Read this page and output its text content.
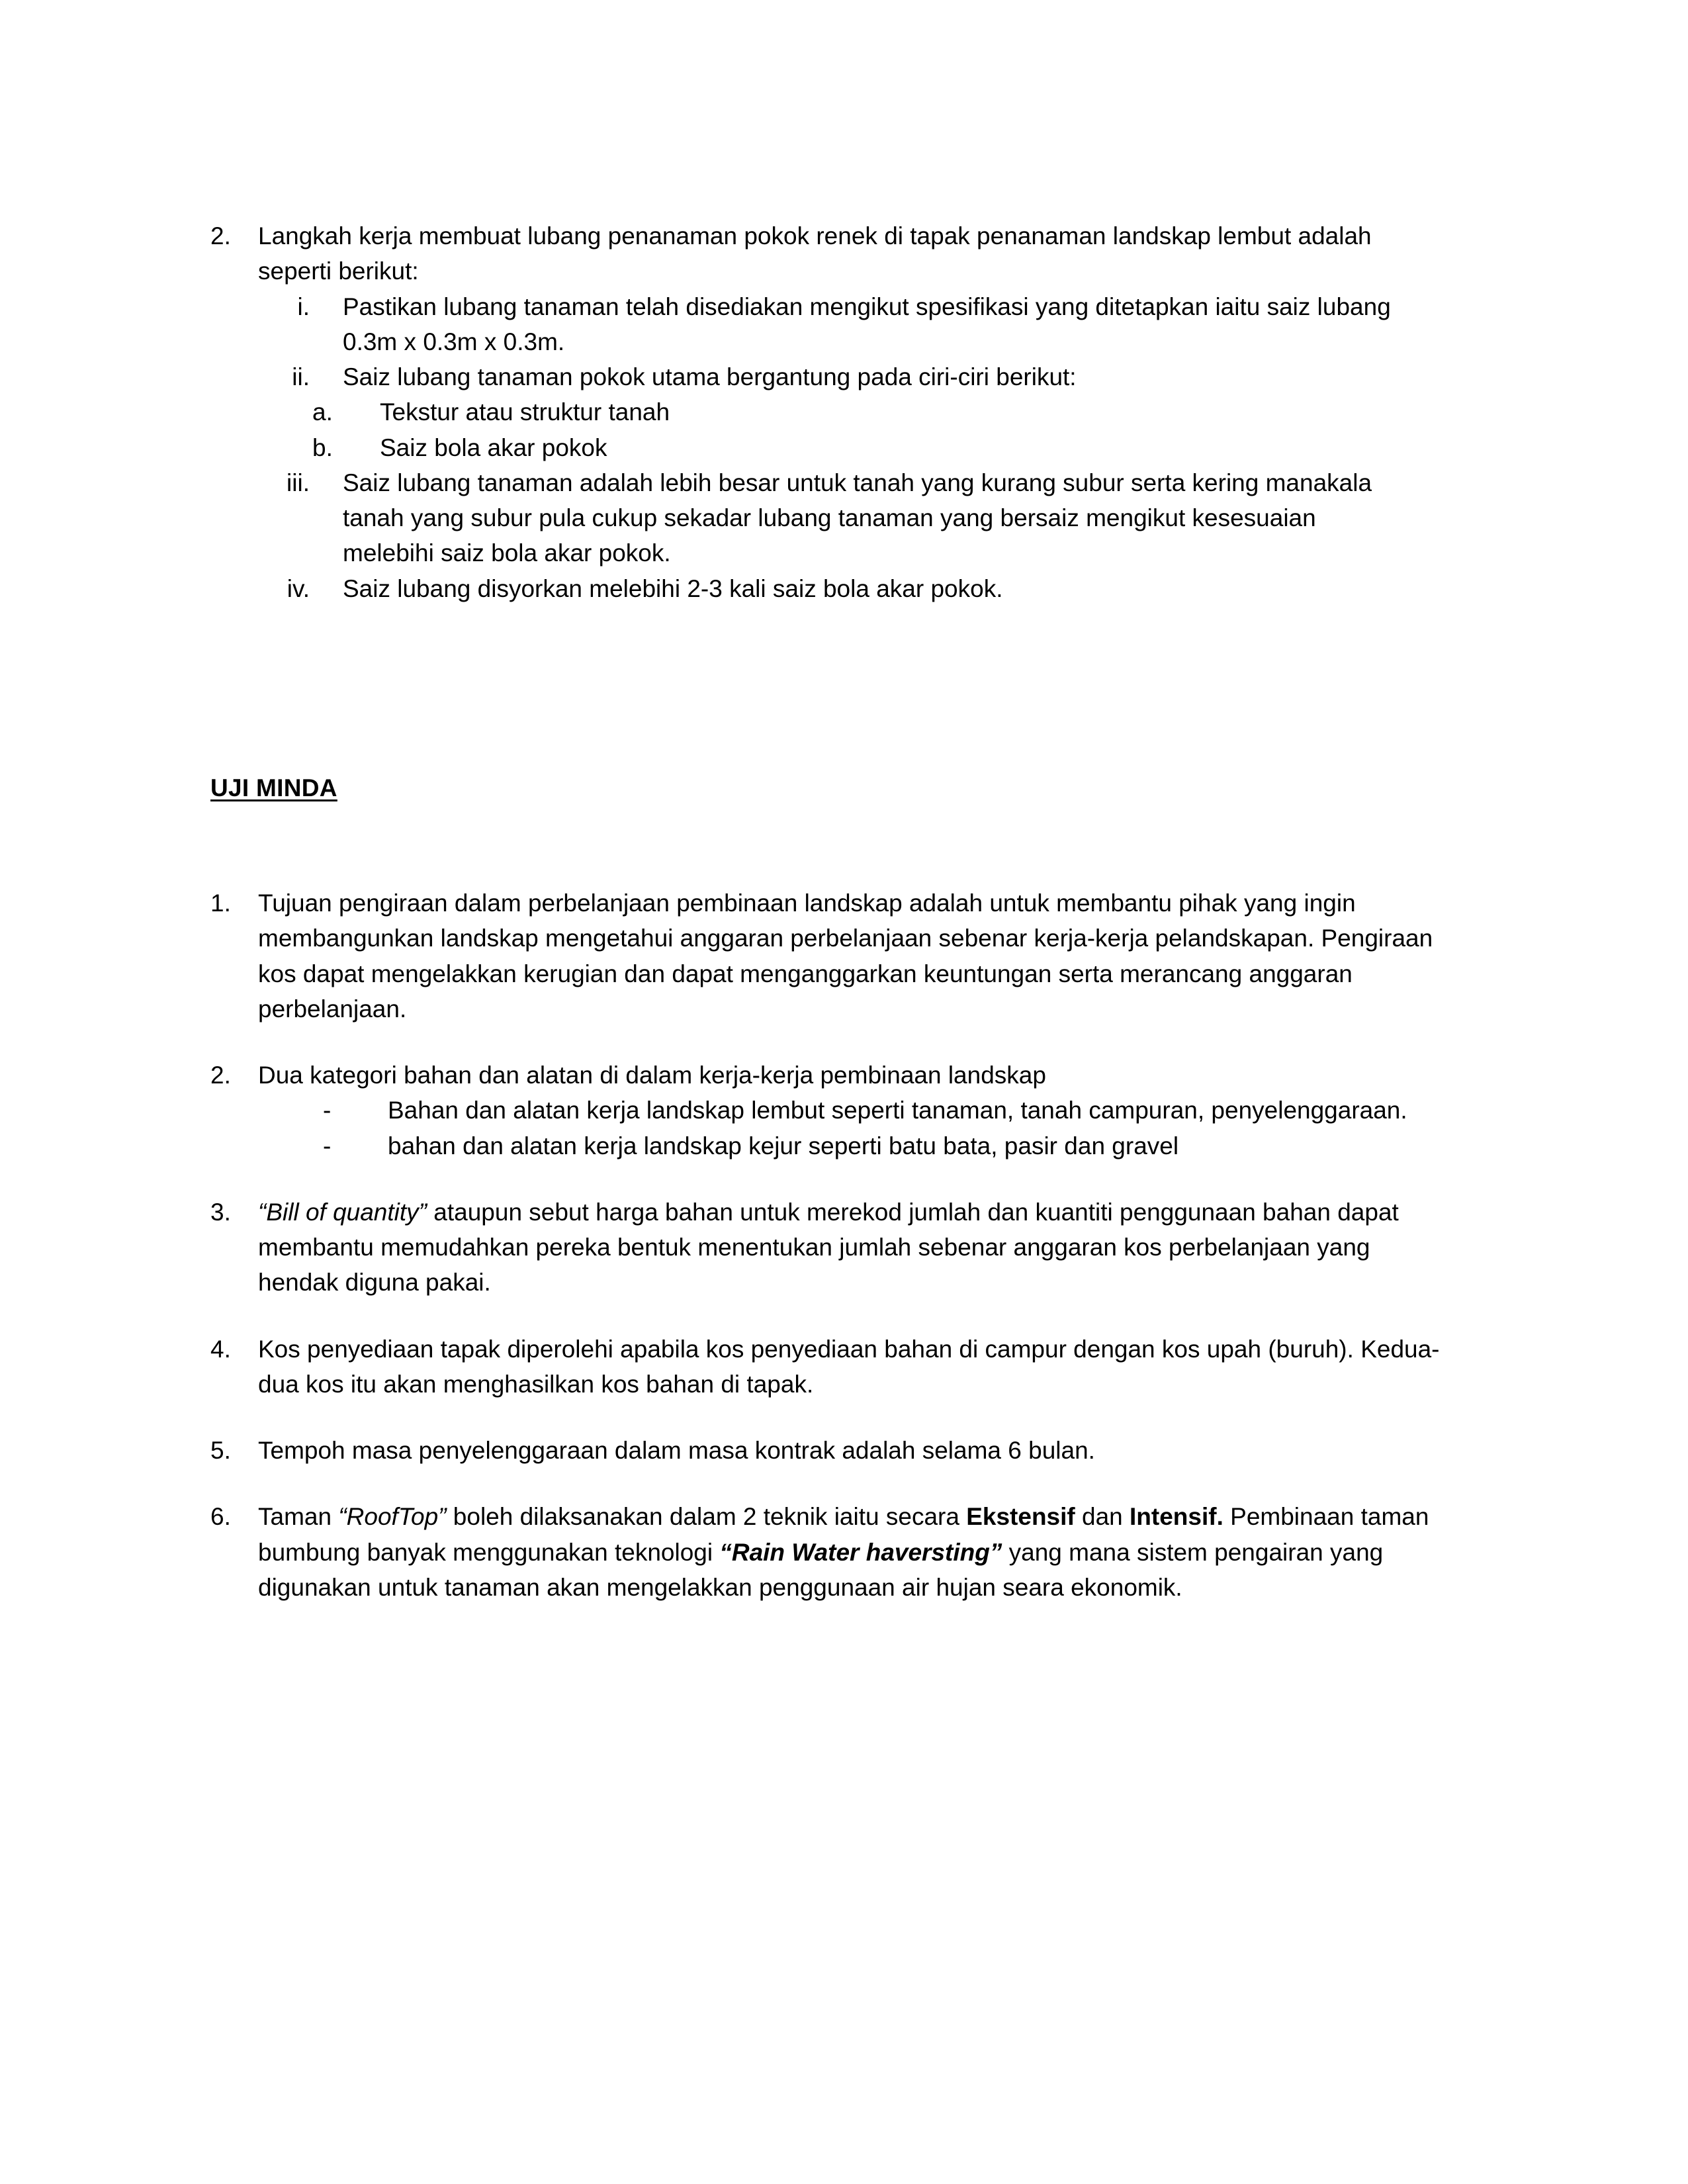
2.	Langkah kerja membuat lubang penanaman pokok renek di tapak penanaman landskap lembut adalah seperti berikut:
i.	Pastikan lubang tanaman telah disediakan mengikut spesifikasi yang ditetapkan iaitu saiz lubang 0.3m x 0.3m x 0.3m.
ii.	Saiz lubang tanaman pokok utama bergantung pada ciri-ciri berikut:
a.	Tekstur atau struktur tanah
b.	Saiz bola akar pokok
iii.	Saiz lubang tanaman adalah lebih besar untuk tanah yang kurang subur serta kering manakala tanah yang subur pula cukup sekadar lubang tanaman yang bersaiz mengikut kesesuaian melebihi saiz bola akar pokok.
iv.	Saiz lubang disyorkan melebihi 2-3 kali saiz bola akar pokok.
UJI MINDA
1.	Tujuan pengiraan dalam perbelanjaan pembinaan landskap adalah untuk membantu pihak yang ingin membangunkan landskap mengetahui anggaran perbelanjaan sebenar kerja-kerja pelandskapan. Pengiraan kos dapat mengelakkan kerugian dan dapat menganggarkan keuntungan serta merancang anggaran perbelanjaan.
2.	Dua kategori bahan dan alatan di dalam kerja-kerja pembinaan landskap
-	Bahan dan alatan kerja landskap lembut seperti tanaman, tanah campuran, penyelenggaraan.
-	bahan dan alatan kerja landskap kejur seperti batu bata, pasir dan gravel
3.	“Bill of quantity” ataupun sebut harga bahan untuk merekod jumlah dan kuantiti penggunaan bahan dapat membantu memudahkan pereka bentuk menentukan jumlah sebenar anggaran kos perbelanjaan yang hendak diguna pakai.
4.	Kos penyediaan tapak diperolehi apabila kos penyediaan bahan di campur dengan kos upah (buruh). Kedua-dua kos itu akan menghasilkan kos bahan di tapak.
5.	Tempoh masa penyelenggaraan dalam masa kontrak adalah selama 6 bulan.
6.	Taman “RoofTop” boleh dilaksanakan dalam 2 teknik iaitu secara Ekstensif dan Intensif. Pembinaan taman bumbung banyak menggunakan teknologi “Rain Water haversting” yang mana sistem pengairan yang digunakan untuk tanaman akan mengelakkan penggunaan air hujan seara ekonomik.
